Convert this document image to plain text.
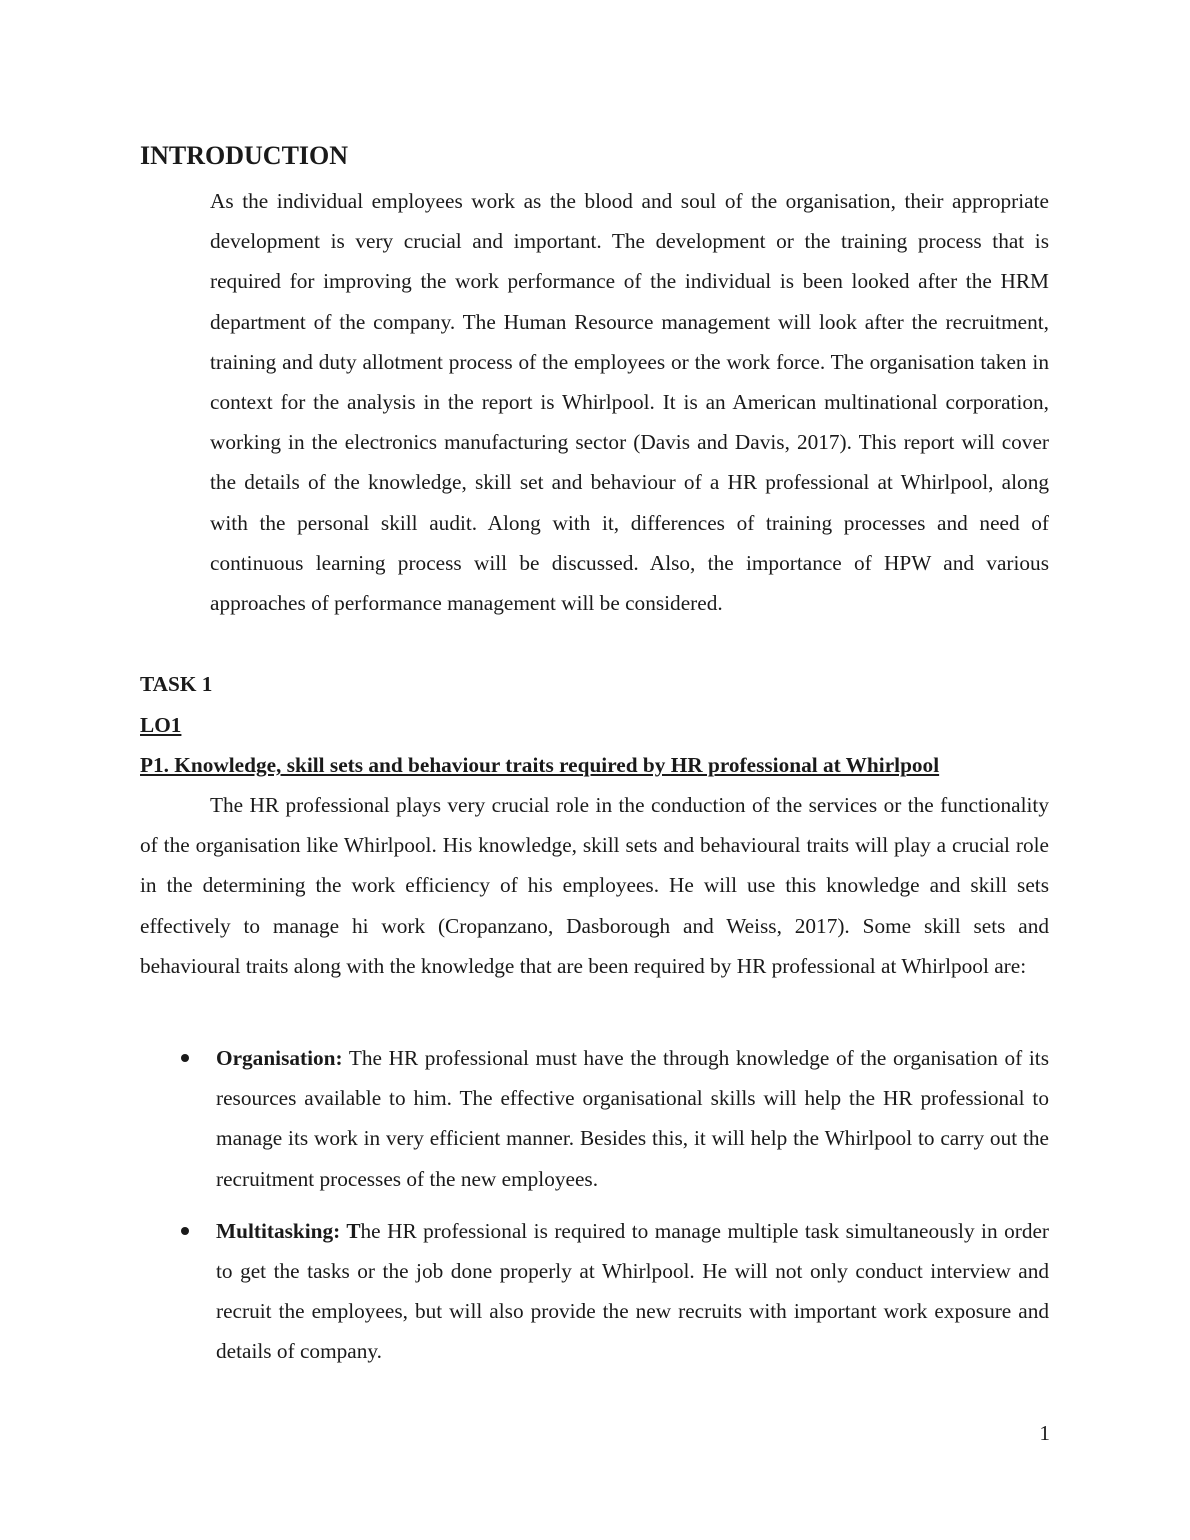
INTRODUCTION

As the individual employees work as the blood and soul of the organisation, their appropriate development is very crucial and important. The development or the training process that is required for improving the work performance of the individual is been looked after the HRM department of the company. The Human Resource management will look after the recruitment, training and duty allotment process of the employees or the work force. The organisation taken in context for the analysis in the report is Whirlpool. It is an American multinational corporation, working in the electronics manufacturing sector (Davis and Davis, 2017). This report will cover the details of the knowledge, skill set and behaviour of a HR professional at Whirlpool, along with the personal skill audit. Along with it, differences of training processes and need of continuous learning process will be discussed. Also, the importance of HPW and various approaches of performance management will be considered.

TASK 1
LO1
P1. Knowledge, skill sets and behaviour traits required by HR professional at Whirlpool

The HR professional plays very crucial role in the conduction of the services or the functionality of the organisation like Whirlpool. His knowledge, skill sets and behavioural traits will play a crucial role in the determining the work efficiency of his employees. He will use this knowledge and skill sets effectively to manage hi work (Cropanzano, Dasborough and Weiss, 2017). Some skill sets and behavioural traits along with the knowledge that are been required by HR professional at Whirlpool are:

Organisation: The HR professional must have the through knowledge of the organisation of its resources available to him. The effective organisational skills will help the HR professional to manage its work in very efficient manner. Besides this, it will help the Whirlpool to carry out the recruitment processes of the new employees.
Multitasking: The HR professional is required to manage multiple task simultaneously in order to get the tasks or the job done properly at Whirlpool. He will not only conduct interview and recruit the employees, but will also provide the new recruits with important work exposure and details of company.
1
